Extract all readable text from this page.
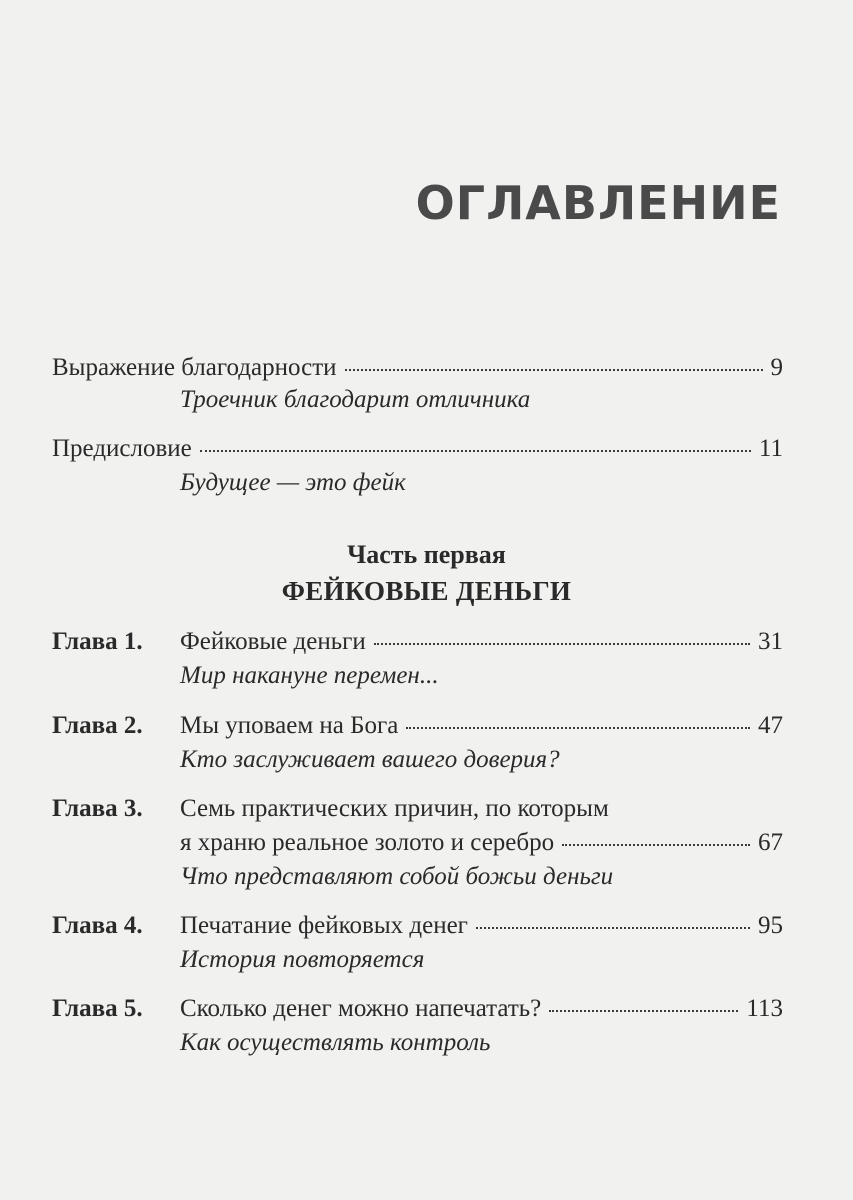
ОГЛАВЛЕНИЕ
Выражение благодарности	9
Троечник благодарит отличника
Предисловие	11
Будущее — это фейк
Часть первая
ФЕЙКОВЫЕ ДЕНЬГИ
Глава 1. Фейковые деньги	31
Мир накануне перемен...
Глава 2. Мы уповаем на Бога	47
Кто заслуживает вашего доверия?
Глава 3. Семь практических причин, по которым
я храню реальное золото и серебро	67
Что представляют собой божьи деньги
Глава 4. Печатание фейковых денег	95
История повторяется
Глава 5. Сколько денег можно напечатать?	113
Как осуществлять контроль
